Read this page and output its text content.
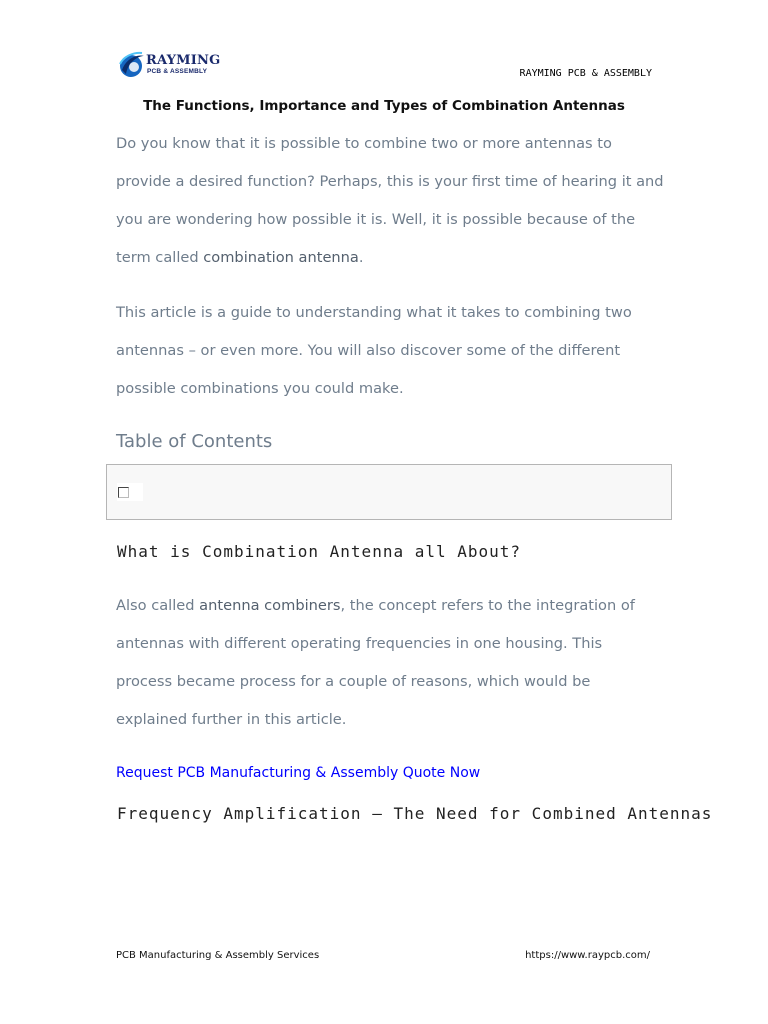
RAYMING
PCB & ASSEMBLY	RAYMING PCB & ASSEMBLY
The Functions, Importance and Types of Combination Antennas
Do you know that it is possible to combine two or more antennas to
provide a desired function? Perhaps, this is your first time of hearing it and
you are wondering how possible it is. Well, it is possible because of the
term called combination antenna.
This article is a guide to understanding what it takes to combining two
antennas – or even more. You will also discover some of the different
possible combinations you could make.
Table of Contents
What is Combination Antenna all About?
Also called antenna combiners, the concept refers to the integration of
antennas with different operating frequencies in one housing. This
process became process for a couple of reasons, which would be
explained further in this article.
Request PCB Manufacturing & Assembly Quote Now
Frequency Amplification – The Need for Combined Antennas
PCB Manufacturing & Assembly Services	https://www.raypcb.com/
